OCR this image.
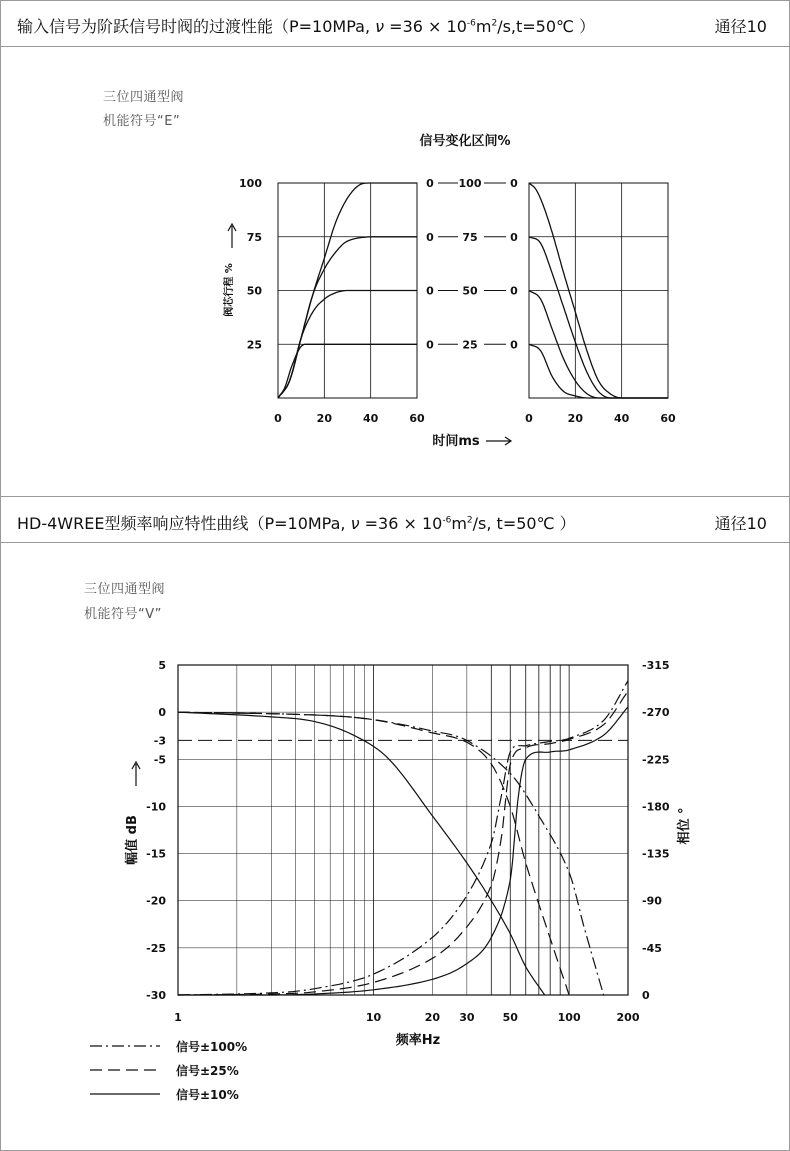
输入信号为阶跃信号时阀的过渡性能（P=10MPa, $\nu =36 \times 10^{-6}m^2/s,t=50℃$ ）	通径10
三位四通型阀
机能符号“E”
HD-4WREE型频率响应特性曲线（P=10MPa, $\nu =36 \times 10^{-6}m^2/s$, t=50℃ ）	通径10
三位四通型阀
机能符号“V”
0	20	40	60	0	20	40	60
100
75
50
25
0 100	0
0	75	0
0	50	0
0	25	0
信号变化区间%
阀芯行程 %
时间ms
5
0
-3
-5
-10
-15
-20
-25
-30
-315
-270
-225
-180
-135
-90
-45
0
1	10	20 30	50	100	200
幅值 dB	相位 °
频率Hz
信号±100%
信号±25%
信号±10%
